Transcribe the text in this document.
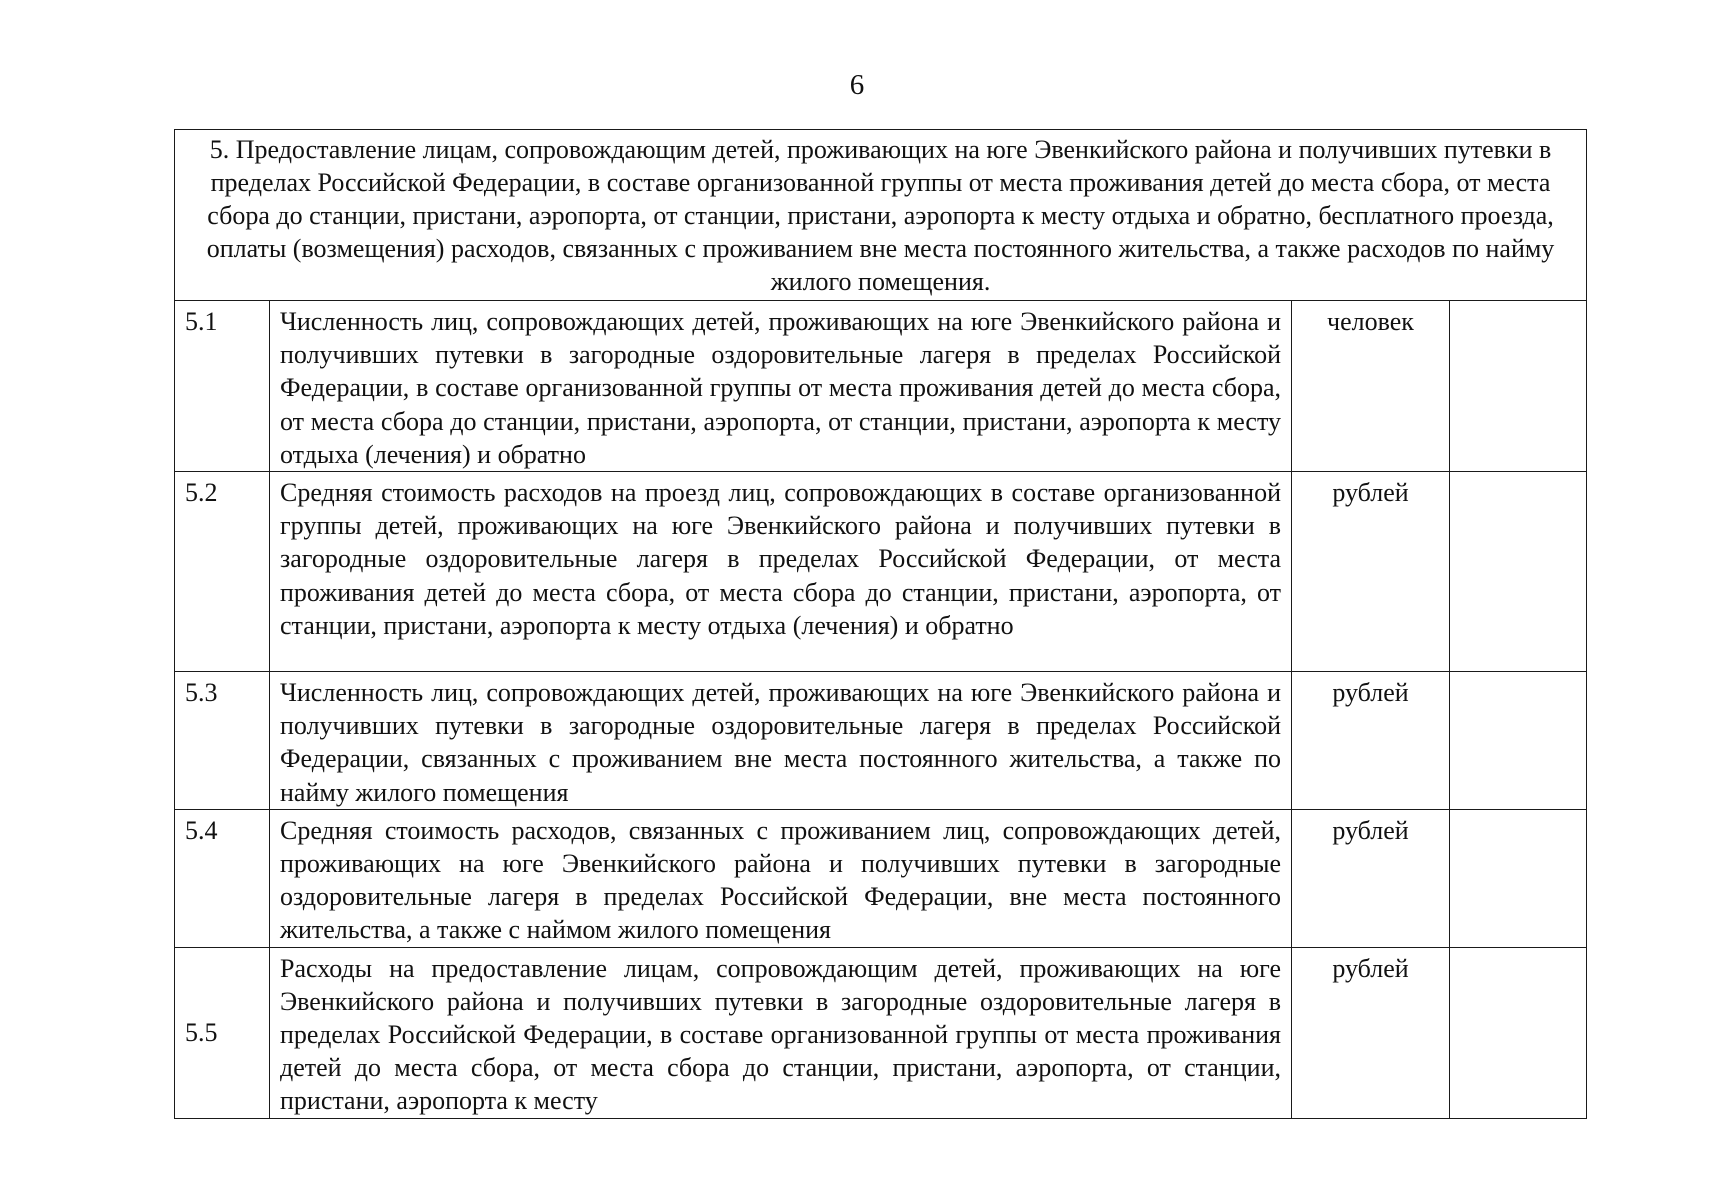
6
5. Предоставление лицам, сопровождающим детей, проживающих на юге Эвенкийского района и получивших путевки в пределах Российской Федерации, в составе организованной группы от места проживания детей до места сбора, от места сбора до станции, пристани, аэропорта, от станции, пристани, аэропорта к месту отдыха и обратно, бесплатного проезда, оплаты (возмещения) расходов, связанных с проживанием вне места постоянного жительства, а также расходов по найму жилого помещения.			
5.1	Численность лиц, сопровождающих детей, проживающих на юге Эвенкийского района и получивших путевки в загородные оздоровительные лагеря в пределах Российской Федерации, в составе организованной группы от места проживания детей до места сбора, от места сбора до станции, пристани, аэропорта, от станции, пристани, аэропорта к месту отдыха (лечения) и обратно	человек	
5.2	Средняя стоимость расходов на проезд лиц, сопровождающих в составе организованной группы детей, проживающих на юге Эвенкийского района и получивших путевки в загородные оздоровительные лагеря в пределах Российской Федерации, от места проживания детей до места сбора, от места сбора до станции, пристани, аэропорта, от станции, пристани, аэропорта к месту отдыха (лечения) и обратно	рублей	
5.3	Численность лиц, сопровождающих детей, проживающих на юге Эвенкийского района и получивших путевки в загородные оздоровительные лагеря в пределах Российской Федерации, связанных с проживанием вне места постоянного жительства, а также по найму жилого помещения	рублей	
5.4	Средняя стоимость расходов, связанных с проживанием лиц, сопровождающих детей, проживающих на юге Эвенкийского района и получивших путевки в загородные оздоровительные лагеря в пределах Российской Федерации, вне места постоянного жительства, а также с наймом жилого помещения	рублей	
5.5	Расходы на предоставление лицам, сопровождающим детей, проживающих на юге Эвенкийского района и получивших путевки в загородные оздоровительные лагеря в пределах Российской Федерации, в составе организованной группы от места проживания детей до места сбора, от места сбора до станции, пристани, аэропорта, от станции, пристани, аэропорта к месту	рублей	
